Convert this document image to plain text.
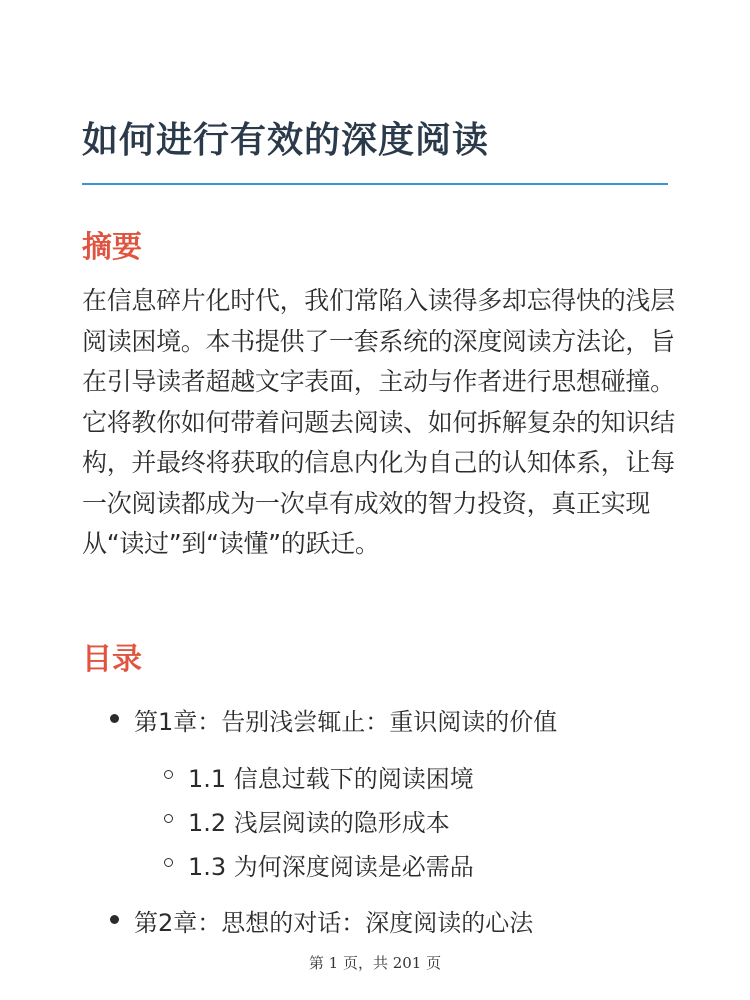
如何进行有效的深度阅读
摘要

在信息碎片化时代，我们常陷入读得多却忘得快的浅层阅读困境。本书提供了一套系统的深度阅读方法论，旨在引导读者超越文字表面，主动与作者进行思想碰撞。它将教你如何带着问题去阅读、如何拆解复杂的知识结构，并最终将获取的信息内化为自己的认知体系，让每一次阅读都成为一次卓有成效的智力投资，真正实现从“读过”到“读懂”的跃迁。

目录
第1章：告别浅尝辄止：重识阅读的价值
1.1 信息过载下的阅读困境
1.2 浅层阅读的隐形成本
1.3 为何深度阅读是必需品
第2章：思想的对话：深度阅读的心法
第 1 页，共 201 页
